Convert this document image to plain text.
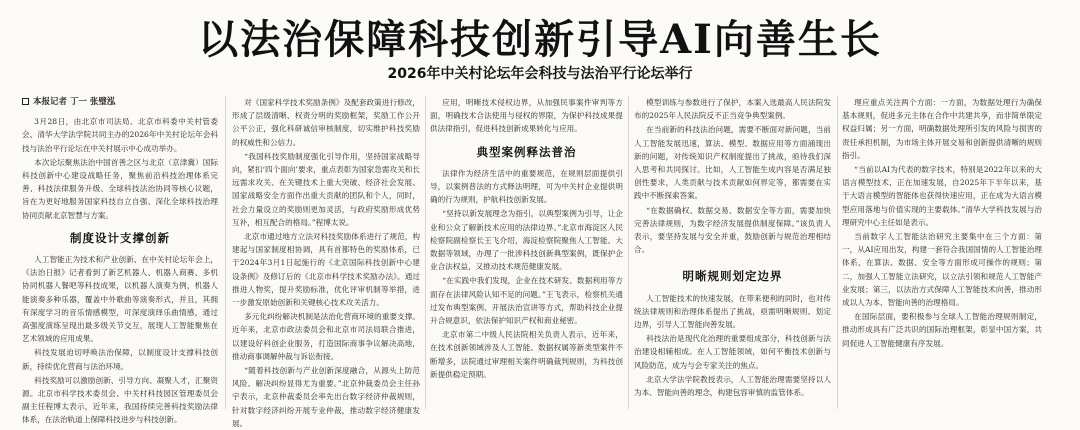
以法治保障科技创新引导AI向善生长
2026年中关村论坛年会科技与法治平行论坛举行
本报记者 丁一 张璧泓

3月28日，由北京市司法局、北京市科委中关村管委会、清华大学法学院共同主办的2026年中关村论坛年会科技与法治平行论坛在中关村展示中心成功举办。

本次论坛聚焦法治中国首善之区与北京（京津冀）国际科技创新中心建设战略任务，聚焦前沿科技治理体系完善、科技法律服务升级、全球科技法治协同等核心议题，旨在为更好地服务国家科技自立自强、深化全球科技治理协同贡献北京智慧与方案。

制度设计支撑创新

人工智能正为技术和产业创新、在中关村论坛年会上，《法治日报》记者看到了新艺机器人、机器人商赛、多机协同机器人餐吧等科技成果，以机器人演奏为例，机器人能演奏多种乐器，覆盖中外歌曲等演奏形式，并且，其拥有深度学习的音乐情感模型，可深度演绎乐曲情感，通过高强度演练呈现出最多级关节交互，展现人工智能聚焦在艺术领域的应用成果。

科技发展迫切呼唤法治保障，以制度设计支撑科技创新，持续优化营商与法治环境。

科技奖励可以激励创新、引导方向、凝聚人才，汇聚资源。北京市科学技术委员会、中关村科技园区管理委员会副主任程博太表示，近年来，我国持续完善科技奖励法律体系，在法治轨道上保障科技进步与科技创新。

对《国家科学技术奖励条例》及配套政策进行修改，形成了层级清晰、权责分明的奖励框架，奖励工作公开公平公正，强化科研诚信审核制度，切实维护科技奖励的权威性和公信力。

“我国科技奖励制度强化引导作用，坚持国家战略导向，紧扣‘四个面向’要求，重点表彰为国家急需攻关和长远需求攻关、在关键技术上重大突破、经济社会发展、国家战略安全方面作出重大贡献的团队和个人，同时，社会力量设立的奖励则更加灵活，与政府奖励形成优势互补，相互配合的格局。”程博太说。

北京市通过地方立法对科技奖励体系进行了规范，构建起与国家制度相协调，具有首都特色的奖励体系，已于2024年3月1日起施行的《北京国际科技创新中心建设条例》及修订后的《北京市科学技术奖励办法》。通过推进人物奖，提升奖励标准，优化评审机制等举措，进一步激发原始创新和关键核心技术攻关活力。

多元化纠纷解决机制是法治化营商环境的重要支撑。近年来，北京市政法委员会和北京市司法局联合推进，以建设好科创企业服务，打造国际商事争议解决高地，推动商事调解仲裁与诉讼衔接。

“随着科技创新与产业创新深度融合，从源头上防范风险、解决纠纷显得尤为重要。”北京仲裁委员会主任孙宇表示，北京仲裁委员会率先出台数字经济仲裁规则，针对数字经济纠纷开展专业仲裁，推动数字经济健康发展。

应用，明晰技术侵权边界，从加强民事案件审判等方面，明确技术合法使用与侵权的界限，为保护科技成果提供法律指引，促进科技创新成果转化与应用。

典型案例释法普治

法律作为经济生活中的重要规范，在规则层面提供引导，以案例普法的方式释法明理，可为中关村企业提供明确的行为规则，护航科技创新发展。

“坚持以新发展理念为指引，以典型案例为引导，让企业和公众了解新技术应用的法律边界。”北京市海淀区人民检察院副检察长王飞介绍，海淀检察院聚焦人工智能、大数据等领域，办理了一批涉科技创新典型案例，既保护企业合法权益，又推动技术规范健康发展。

“在实践中我们发现，企业在技术研发、数据利用等方面存在法律风险认知不足的问题。”王飞表示，检察机关通过发布典型案例、开展法治宣讲等方式，帮助科技企业提升合规意识，依法保护知识产权和商业秘密。

北京市第二中级人民法院相关负责人表示，近年来，在技术创新领域涉及人工智能、数据权属等新类型案件不断增多，法院通过审理相关案件明确裁判规则，为科技创新提供稳定预期。

模型训练与参数进行了保护，本案入选最高人民法院发布的2025年人民法院反不正当竞争典型案例。

在当前新的科技法治问题，需要不断面对新问题，当前人工智能发展迅速，算法、模型、数据应用等方面涌现出新的问题，对传统知识产权制度提出了挑战，亟待我们深入思考和共同探讨。比如，人工智能生成内容是否满足独创性要求，人类贡献与技术贡献如何界定等，都需要在实践中不断探索答案。

“在数据确权、数据交易、数据安全等方面，需要加快完善法律规则，为数字经济发展提供制度保障。”该负责人表示，要坚持发展与安全并重，鼓励创新与规范治理相结合。

明晰规则划定边界

人工智能技术的快速发展，在带来便利的同时，也对传统法律规则和治理体系提出了挑战，亟需明晰规则、划定边界，引导人工智能向善发展。

科技法治是现代化治理的重要组成部分，科技创新与法治建设相辅相成。在人工智能领域，如何平衡技术创新与风险防范，成为与会专家关注的焦点。

北京大学法学院教授表示，人工智能治理需要坚持以人为本、智能向善的理念，构建包容审慎的监管体系。

理应重点关注两个方面：一方面，为数据处理行为确保基本规则，促进多元主体在合作中共建共享，而非简单限定权益归属；另一方面，明确数据处理所引发的风险与损害的责任承担机制，为市场主体开展交易和创新提供清晰的规则指引。

“当前以AI为代表的数字技术，特别是2022年以来的大语言模型技术，正在加速发展，自2025年下半年以来，基于大语言模型的智能体也获得快速应用，正在成为大语言模型应用落地与价值实现的主要载体。”清华大学科技发展与治理研究中心主任如是表示。

当前数字人工智能法治研究主要集中在三个方面：第一，从AI应用出发，构建一套符合我国国情的人工智能治理体系，在算法、数据、安全等方面形成可操作的规则；第二，加强人工智能立法研究，以立法引领和规范人工智能产业发展；第三，以法治方式保障人工智能技术向善，推动形成以人为本、智能向善的治理格局。

在国际层面，要积极参与全球人工智能治理规则制定，推动形成具有广泛共识的国际治理框架，彰显中国方案，共同促进人工智能健康有序发展。
